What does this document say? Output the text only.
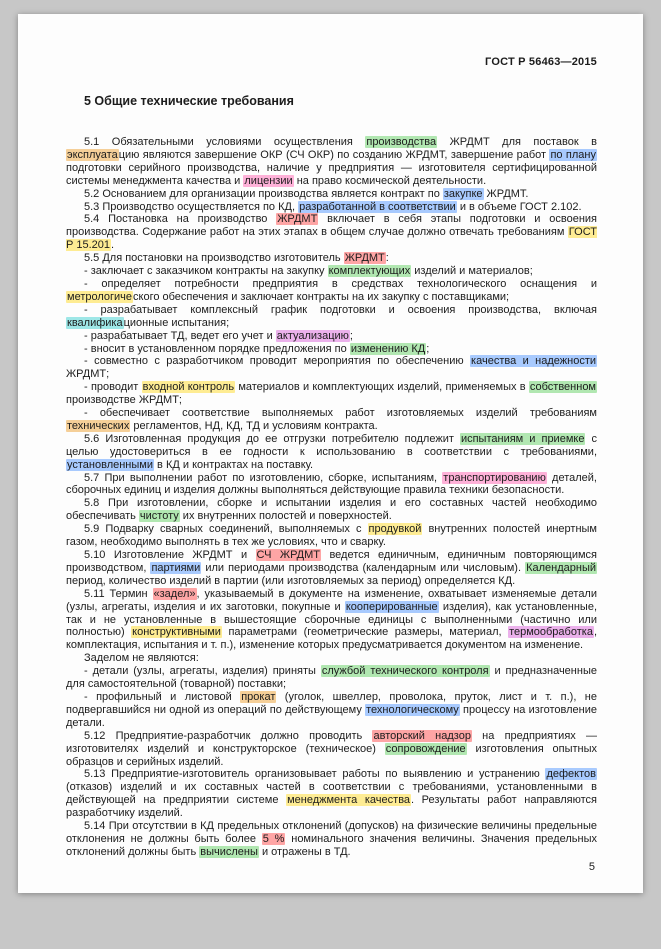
ГОСТ Р 56463—2015
5 Общие технические требования

5.1 Обязательными условиями осуществления производства ЖРДМТ для поставок в эксплуатацию являются завершение ОКР (СЧ ОКР) по созданию ЖРДМТ, завершение работ по плану подготовки серийного производства, наличие у предприятия — изготовителя сертифицированной системы менеджмента качества и лицензии на право космической деятельности.

5.2 Основанием для организации производства является контракт по закупке ЖРДМТ.

5.3 Производство осуществляется по КД, разработанной в соответствии и в объеме ГОСТ 2.102.

5.4 Постановка на производство ЖРДМТ включает в себя этапы подготовки и освоения производства. Содержание работ на этих этапах в общем случае должно отвечать требованиям ГОСТ Р 15.201.

5.5 Для постановки на производство изготовитель ЖРДМТ:

- заключает с заказчиком контракты на закупку комплектующих изделий и материалов;

- определяет потребности предприятия в средствах технологического оснащения и метрологического обеспечения и заключает контракты на их закупку с поставщиками;

- разрабатывает комплексный график подготовки и освоения производства, включая квалификационные испытания;

- разрабатывает ТД, ведет его учет и актуализацию;

- вносит в установленном порядке предложения по изменению КД;

- совместно с разработчиком проводит мероприятия по обеспечению качества и надежности ЖРДМТ;

- проводит входной контроль материалов и комплектующих изделий, применяемых в собственном производстве ЖРДМТ;

- обеспечивает соответствие выполняемых работ изготовляемых изделий требованиям технических регламентов, НД, КД, ТД и условиям контракта.

5.6 Изготовленная продукция до ее отгрузки потребителю подлежит испытаниям и приемке с целью удостовериться в ее годности к использованию в соответствии с требованиями, установленными в КД и контрактах на поставку.

5.7 При выполнении работ по изготовлению, сборке, испытаниям, транспортированию деталей, сборочных единиц и изделия должны выполняться действующие правила техники безопасности.

5.8 При изготовлении, сборке и испытании изделия и его составных частей необходимо обеспечивать чистоту их внутренних полостей и поверхностей.

5.9 Подварку сварных соединений, выполняемых с продувкой внутренних полостей инертным газом, необходимо выполнять в тех же условиях, что и сварку.

5.10 Изготовление ЖРДМТ и СЧ ЖРДМТ ведется единичным, единичным повторяющимся производством, партиями или периодами производства (календарным или числовым). Календарный период, количество изделий в партии (или изготовляемых за период) определяется КД.

5.11 Термин «задел», указываемый в документе на изменение, охватывает изменяемые детали (узлы, агрегаты, изделия и их заготовки, покупные и кооперированные изделия), как установленные, так и не установленные в вышестоящие сборочные единицы с выполненными (частично или полностью) конструктивными параметрами (геометрические размеры, материал, термообработка, комплектация, испытания и т. п.), изменение которых предусматривается документом на изменение.

Заделом не являются:

- детали (узлы, агрегаты, изделия) приняты службой технического контроля и предназначенные для самостоятельной (товарной) поставки;

- профильный и листовой прокат (уголок, швеллер, проволока, пруток, лист и т. п.), не подвергавшийся ни одной из операций по действующему технологическому процессу на изготовление детали.

5.12 Предприятие-разработчик должно проводить авторский надзор на предприятиях — изготовителях изделий и конструкторское (техническое) сопровождение изготовления опытных образцов и серийных изделий.

5.13 Предприятие-изготовитель организовывает работы по выявлению и устранению дефектов (отказов) изделий и их составных частей в соответствии с требованиями, установленными в действующей на предприятии системе менеджмента качества. Результаты работ направляются разработчику изделий.

5.14 При отсутствии в КД предельных отклонений (допусков) на физические величины предельные отклонения не должны быть более 5 % номинального значения величины. Значения предельных отклонений должны быть вычислены и отражены в ТД.

5
